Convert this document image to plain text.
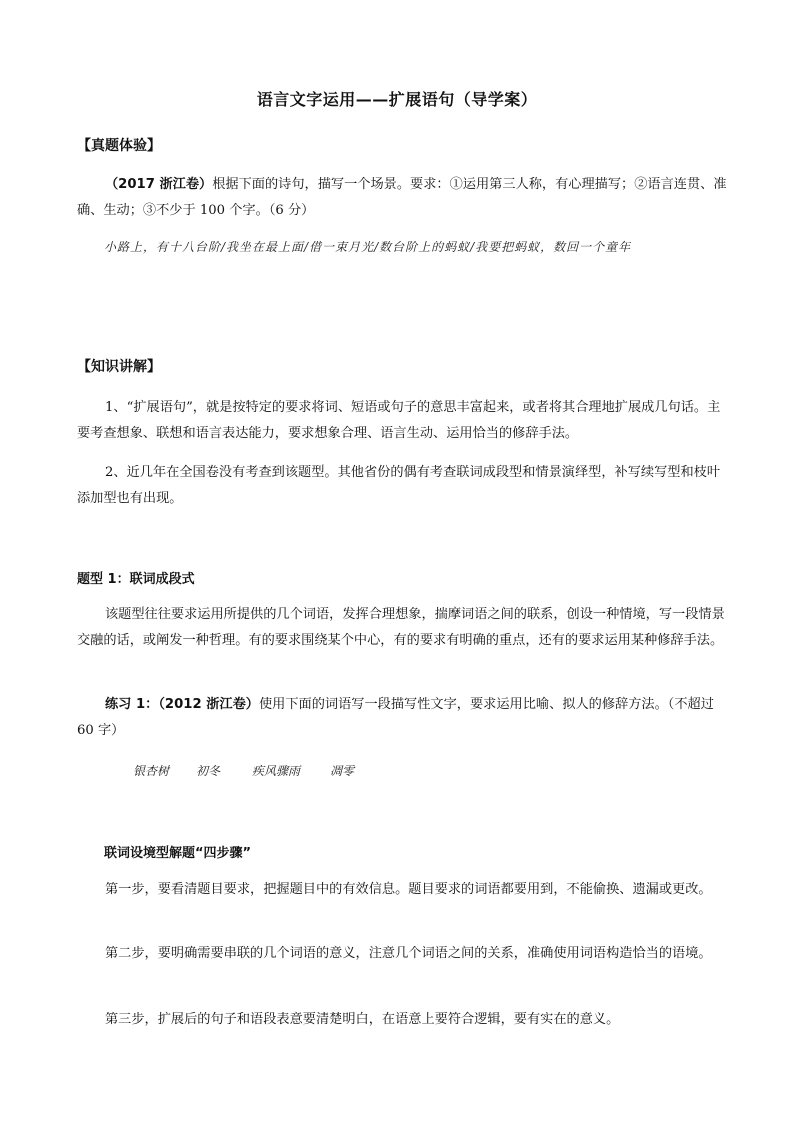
语言文字运用——扩展语句（导学案）
【真题体验】

（2017 浙江卷）根据下面的诗句，描写一个场景。要求：①运用第三人称，有心理描写；②语言连贯、准确、生动；③不少于 100 个字。（6 分）

小路上，有十八台阶/我坐在最上面/借一束月光/数台阶上的蚂蚁/我要把蚂蚁，数回一个童年
【知识讲解】

1、“扩展语句”，就是按特定的要求将词、短语或句子的意思丰富起来，或者将其合理地扩展成几句话。主要考查想象、联想和语言表达能力，要求想象合理、语言生动、运用恰当的修辞手法。

2、近几年在全国卷没有考查到该题型。其他省份的偶有考查联词成段型和情景演绎型，补写续写型和枝叶添加型也有出现。

题型 1：联词成段式

该题型往往要求运用所提供的几个词语，发挥合理想象，揣摩词语之间的联系，创设一种情境，写一段情景交融的话，或阐发一种哲理。有的要求围绕某个中心，有的要求有明确的重点，还有的要求运用某种修辞手法。

练习 1：（2012 浙江卷）使用下面的词语写一段描写性文字，要求运用比喻、拟人的修辞方法。（不超过 60 字）

银杏树 初冬	疾风骤雨 凋零
联词设境型解题“四步骤”

第一步，要看清题目要求，把握题目中的有效信息。题目要求的词语都要用到，不能偷换、遗漏或更改。

第二步，要明确需要串联的几个词语的意义，注意几个词语之间的关系，准确使用词语构造恰当的语境。

第三步，扩展后的句子和语段表意要清楚明白，在语意上要符合逻辑，要有实在的意义。
